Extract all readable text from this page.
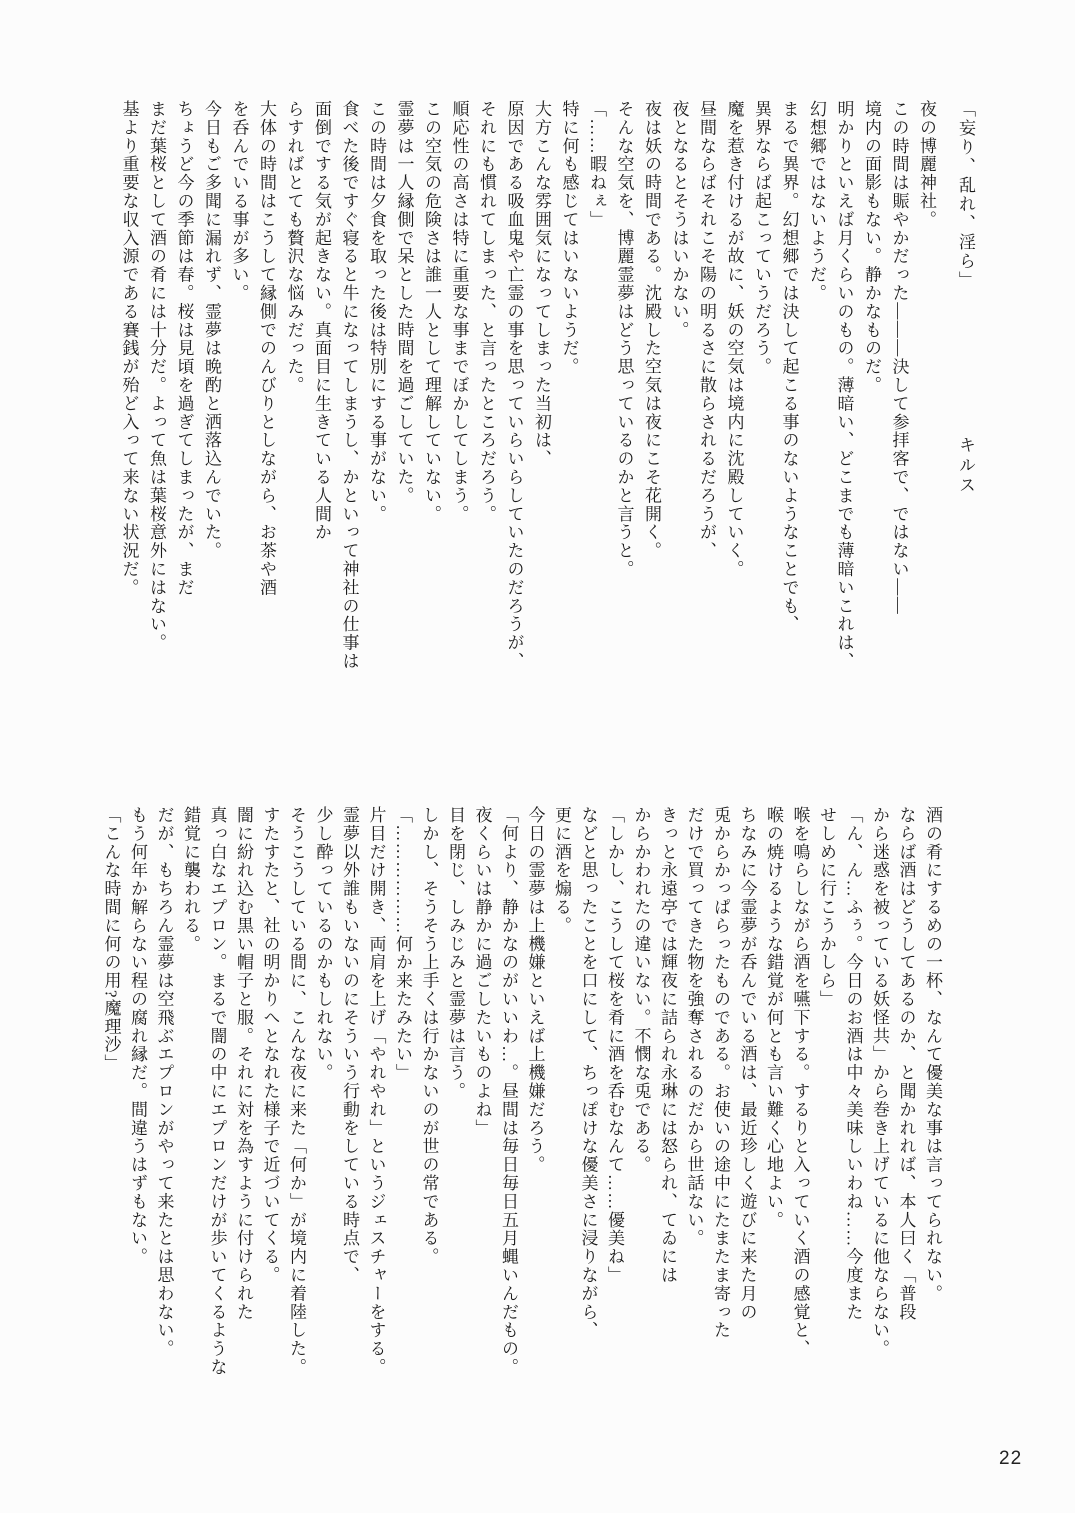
「妄り、乱れ、淫ら」 キルス
夜の博麗神社。
この時間は賑やかだった―――決して参拝客で、ではない――
境内の面影もない。静かなものだ。
明かりといえば月くらいのもの。薄暗い、どこまでも薄暗いこれは、
幻想郷ではないようだ。
まるで異界。幻想郷では決して起こる事のないようなことでも、
異界ならば起こっていうだろう。
魔を惹き付けるが故に、妖の空気は境内に沈殿していく。
昼間ならばそれこそ陽の明るさに散らされるだろうが、
夜となるとそうはいかない。
夜は妖の時間である。沈殿した空気は夜にこそ花開く。
そんな空気を、博麗霊夢はどう思っているのかと言うと。
「……暇ねぇ」
特に何も感じてはいないようだ。
大方こんな雰囲気になってしまった当初は、
原因である吸血鬼や亡霊の事を思っていらいらしていたのだろうが、
それにも慣れてしまった、と言ったところだろう。
順応性の高さは特に重要な事までぼかしてしまう。
この空気の危険さは誰一人として理解していない。
霊夢は一人縁側で呆とした時間を過ごしていた。
この時間は夕食を取った後は特別にする事がない。
食べた後ですぐ寝ると牛になってしまうし、かといって神社の仕事は
面倒でする気が起きない。真面目に生きている人間か
らすればとても贅沢な悩みだった。
大体の時間はこうして縁側でのんびりとしながら、お茶や酒
を呑んでいる事が多い。
今日もご多聞に漏れず、霊夢は晩酌と洒落込んでいた。
ちょうど今の季節は春。桜は見頃を過ぎてしまったが、まだ
まだ葉桜として酒の肴には十分だ。よって魚は葉桜意外にはない。
基より重要な収入源である賽銭が殆ど入って来ない状況だ。
酒の肴にするめの一杯、なんて優美な事は言ってられない。
ならば酒はどうしてあるのか、と聞かれれば、本人曰く「普段
から迷惑を被っている妖怪共」から巻き上げているに他ならない。
「ん、ん…ふぅ。今日のお酒は中々美味しいわね……今度また
せしめに行こうかしら」
喉を鳴らしながら酒を嚥下する。するりと入っていく酒の感覚と、
喉の焼けるような錯覚が何とも言い難く心地よい。
ちなみに今霊夢が呑んでいる酒は、最近珍しく遊びに来た月の
兎からかっぱらったものである。お使いの途中にたまたま寄った
だけで買ってきた物を強奪されるのだから世話ない。
きっと永遠亭では輝夜に詰られ永琳には怒られ、てゐには
からかわれたの違いない。不憫な兎である。
「しかし、こうして桜を肴に酒を呑むなんて……優美ね」
などと思ったことを口にして、ちっぽけな優美さに浸りながら、
更に酒を煽る。
今日の霊夢は上機嫌といえば上機嫌だろう。
「何より、静かなのがいいわ…。昼間は毎日毎日五月蝿いんだもの。
夜くらいは静かに過ごしたいものよね」
目を閉じ、しみじみと霊夢は言う。
しかし、そうそう上手くは行かないのが世の常である。
「………………何か来たみたい」
片目だけ開き、両肩を上げ「やれやれ」というジェスチャーをする。
霊夢以外誰もいないのにそういう行動をしている時点で、
少し酔っているのかもしれない。
そうこうしている間に、こんな夜に来た「何か」が境内に着陸した。
すたすたと、社の明かりへとなれた様子で近づいてくる。
闇に紛れ込む黒い帽子と服。それに対を為すように付けられた
真っ白なエプロン。まるで闇の中にエプロンだけが歩いてくるような
錯覚に襲われる。
だが、もちろん霊夢は空飛ぶエプロンがやって来たとは思わない。
もう何年か解らない程の腐れ縁だ。間違うはずもない。
「こんな時間に何の用?魔理沙」
22
